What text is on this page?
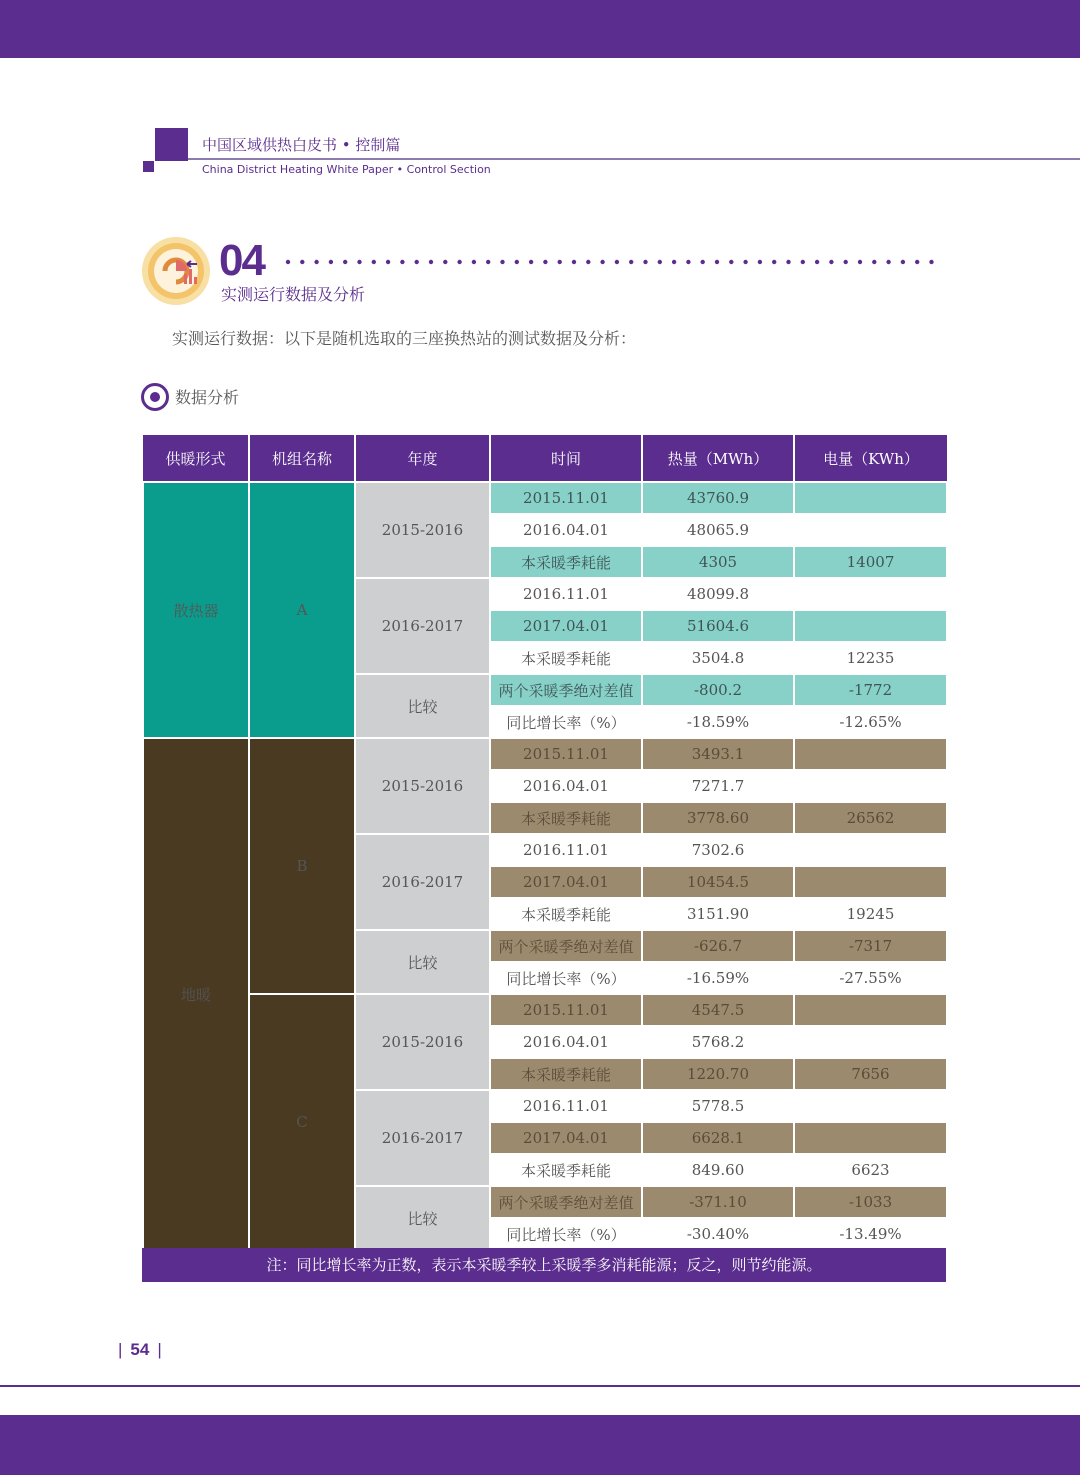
中国区域供热白皮书 • 控制篇
China District Heating White Paper • Control Section
04
实测运行数据及分析
实测运行数据：以下是随机选取的三座换热站的测试数据及分析：
数据分析
供暖形式	机组名称	年度	时间	热量（MWh）	电量（KWh）
散热器	A	2015-2016	2015.11.01	43760.9	
			2016.04.01	48065.9	
			本采暖季耗能	4305	14007
		2016-2017	2016.11.01	48099.8	
			2017.04.01	51604.6	
			本采暖季耗能	3504.8	12235
		比较	两个采暖季绝对差值	-800.2	-1772
			同比增长率（%）	-18.59%	-12.65%
地暖	B	2015-2016	2015.11.01	3493.1	
			2016.04.01	7271.7	
			本采暖季耗能	3778.60	26562
		2016-2017	2016.11.01	7302.6	
			2017.04.01	10454.5	
			本采暖季耗能	3151.90	19245
		比较	两个采暖季绝对差值	-626.7	-7317
			同比增长率（%）	-16.59%	-27.55%
	C	2015-2016	2015.11.01	4547.5	
			2016.04.01	5768.2	
			本采暖季耗能	1220.70	7656
		2016-2017	2016.11.01	5778.5	
			2017.04.01	6628.1	
			本采暖季耗能	849.60	6623
		比较	两个采暖季绝对差值	-371.10	-1033
			同比增长率（%）	-30.40%	-13.49%
注：同比增长率为正数，表示本采暖季较上采暖季多消耗能源；反之，则节约能源。
| 54 |
